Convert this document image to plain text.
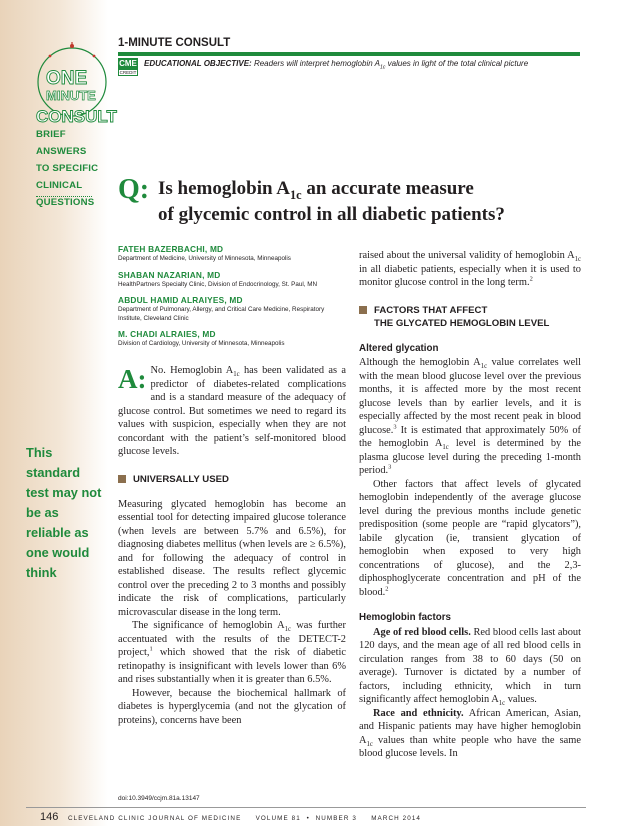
ONE
MINUTE
CONSULT
BRIEF ANSWERS
TO SPECIFIC
CLINICAL
QUESTIONS
This standard test may not be as reliable as one would think
1-MINUTE CONSULT
CME
CREDIT
EDUCATIONAL OBJECTIVE: Readers will interpret hemoglobin $A_{1c}$ values in light of the total clinical picture
Q: Is hemoglobin $A_{1c}$ an accurate measure
of glycemic control in all diabetic patients?
FATEH BAZERBACHI, MD
Department of Medicine, University of Minnesota, Minneapolis
SHABAN NAZARIAN, MD
HealthPartners Specialty Clinic, Division of Endocrinology, St. Paul, MN
ABDUL HAMID ALRAIYES, MD
Department of Pulmonary, Allergy, and Critical Care Medicine, Respiratory Institute, Cleveland Clinic
M. CHADI ALRAIES, MD
Division of Cardiology, University of Minnesota, Minneapolis

A: No. Hemoglobin $A_{1c}$ has been validated as a predictor of diabetes-related complications and is a standard measure of the adequacy of glucose control. But sometimes we need to regard its values with suspicion, especially when they are not concordant with the patient’s self-monitored blood glucose levels.

UNIVERSALLY USED

Measuring glycated hemoglobin has become an essential tool for detecting impaired glucose tolerance (when levels are between 5.7% and 6.5%), for diagnosing diabetes mellitus (when levels are ≥ 6.5%), and for following the adequacy of control in established disease. The results reflect glycemic control over the preceding 2 to 3 months and possibly indicate the risk of complications, particularly microvascular disease in the long term.

The significance of hemoglobin $A_{1c}$ was further accentuated with the results of the DETECT-2 project,$^1$ which showed that the risk of diabetic retinopathy is insignificant with levels lower than 6% and rises substantially when it is greater than 6.5%.

However, because the biochemical hallmark of diabetes is hyperglycemia (and not the glycation of proteins), concerns have been

raised about the universal validity of hemoglobin $A_{1c}$ in all diabetic patients, especially when it is used to monitor glucose control in the long term.$^2$

FACTORS THAT AFFECT
THE GLYCATED HEMOGLOBIN LEVEL
Altered glycation

Although the hemoglobin $A_{1c}$ value correlates well with the mean blood glucose level over the previous months, it is affected more by the most recent glucose levels than by earlier levels, and it is especially affected by the most recent peak in blood glucose.$^3$ It is estimated that approximately 50% of the hemoglobin $A_{1c}$ level is determined by the plasma glucose level during the preceding 1-month period.$^3$

Other factors that affect levels of glycated hemoglobin independently of the average glucose level during the previous months include genetic predisposition (some people are “rapid glycators”), labile glycation (ie, transient glycation of hemoglobin when exposed to very high concentrations of glucose), and the 2,3-diphosphoglycerate concentration and pH of the blood.$^2$

Hemoglobin factors

Age of red blood cells. Red blood cells last about 120 days, and the mean age of all red blood cells in circulation ranges from 38 to 60 days (50 on average). Turnover is dictated by a number of factors, including ethnicity, which in turn significantly affect hemoglobin $A_{1c}$ values.

Race and ethnicity. African American, Asian, and Hispanic patients may have higher hemoglobin $A_{1c}$ values than white people who have the same blood glucose levels. In

doi:10.3949/ccjm.81a.13147
146 CLEVELAND CLINIC JOURNAL OF MEDICINE VOLUME 81 • NUMBER 3 MARCH 2014
